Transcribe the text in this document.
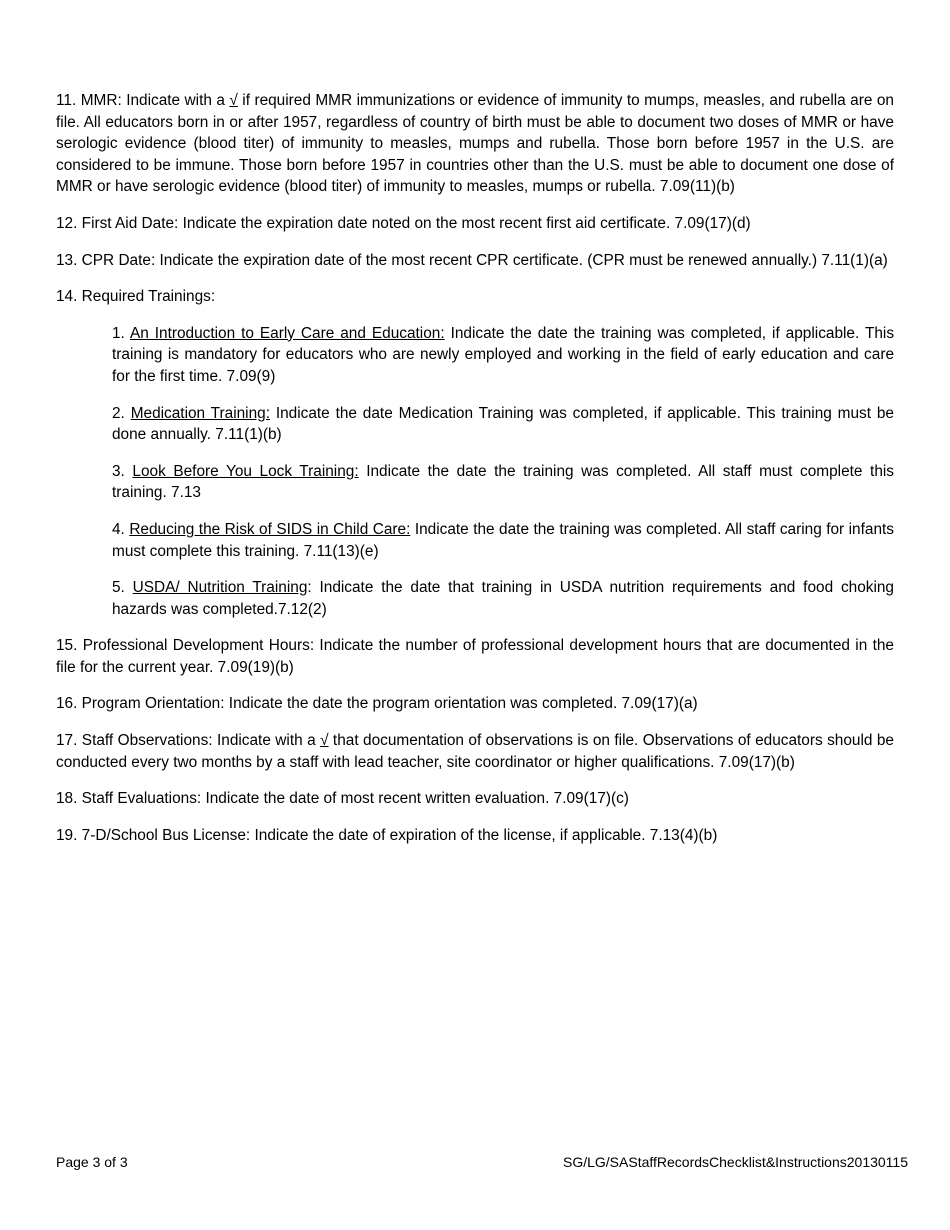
11. MMR: Indicate with a √ if required MMR immunizations or evidence of immunity to mumps, measles, and rubella are on file. All educators born in or after 1957, regardless of country of birth must be able to document two doses of MMR or have serologic evidence (blood titer) of immunity to measles, mumps and rubella. Those born before 1957 in the U.S. are considered to be immune. Those born before 1957 in countries other than the U.S. must be able to document one dose of MMR or have serologic evidence (blood titer) of immunity to measles, mumps or rubella. 7.09(11)(b)

12. First Aid Date: Indicate the expiration date noted on the most recent first aid certificate. 7.09(17)(d)

13. CPR Date: Indicate the expiration date of the most recent CPR certificate. (CPR must be renewed annually.) 7.11(1)(a)

14. Required Trainings:

1. An Introduction to Early Care and Education: Indicate the date the training was completed, if applicable. This training is mandatory for educators who are newly employed and working in the field of early education and care for the first time. 7.09(9)

2. Medication Training: Indicate the date Medication Training was completed, if applicable. This training must be done annually. 7.11(1)(b)

3. Look Before You Lock Training: Indicate the date the training was completed. All staff must complete this training. 7.13

4. Reducing the Risk of SIDS in Child Care: Indicate the date the training was completed. All staff caring for infants must complete this training. 7.11(13)(e)

5. USDA/ Nutrition Training: Indicate the date that training in USDA nutrition requirements and food choking hazards was completed.7.12(2)

15. Professional Development Hours: Indicate the number of professional development hours that are documented in the file for the current year. 7.09(19)(b)

16. Program Orientation: Indicate the date the program orientation was completed. 7.09(17)(a)

17. Staff Observations: Indicate with a √ that documentation of observations is on file. Observations of educators should be conducted every two months by a staff with lead teacher, site coordinator or higher qualifications. 7.09(17)(b)

18. Staff Evaluations: Indicate the date of most recent written evaluation. 7.09(17)(c)

19. 7-D/School Bus License: Indicate the date of expiration of the license, if applicable. 7.13(4)(b)

Page 3 of 3	SG/LG/SAStaffRecordsChecklist&Instructions20130115
